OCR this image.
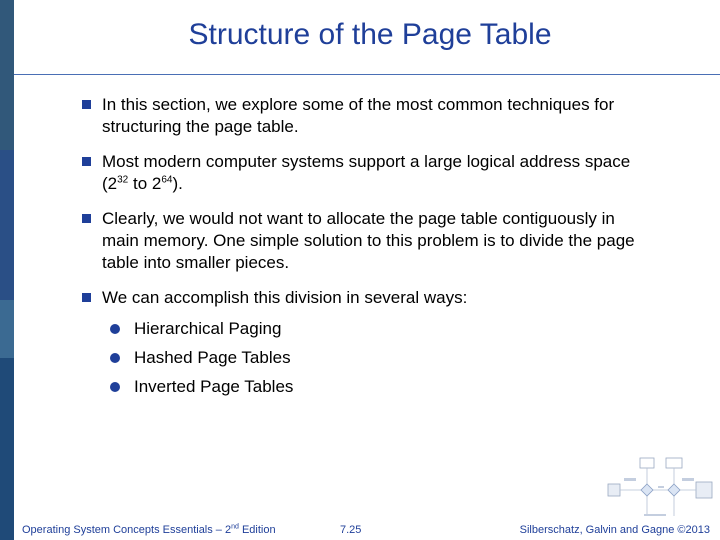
Structure of the Page Table
In this section, we explore some of the most common techniques for structuring the page table.
Most modern computer systems support a large logical address space ($2^{32}$ to $2^{64}$).
Clearly, we would not want to allocate the page table contiguously in main memory. One simple solution to this problem is to divide the page table into smaller pieces.
We can accomplish this division in several ways:
Hierarchical Paging
Hashed Page Tables
Inverted Page Tables
Operating System Concepts Essentials – 2nd Edition	7.25	Silberschatz, Galvin and Gagne ©2013
